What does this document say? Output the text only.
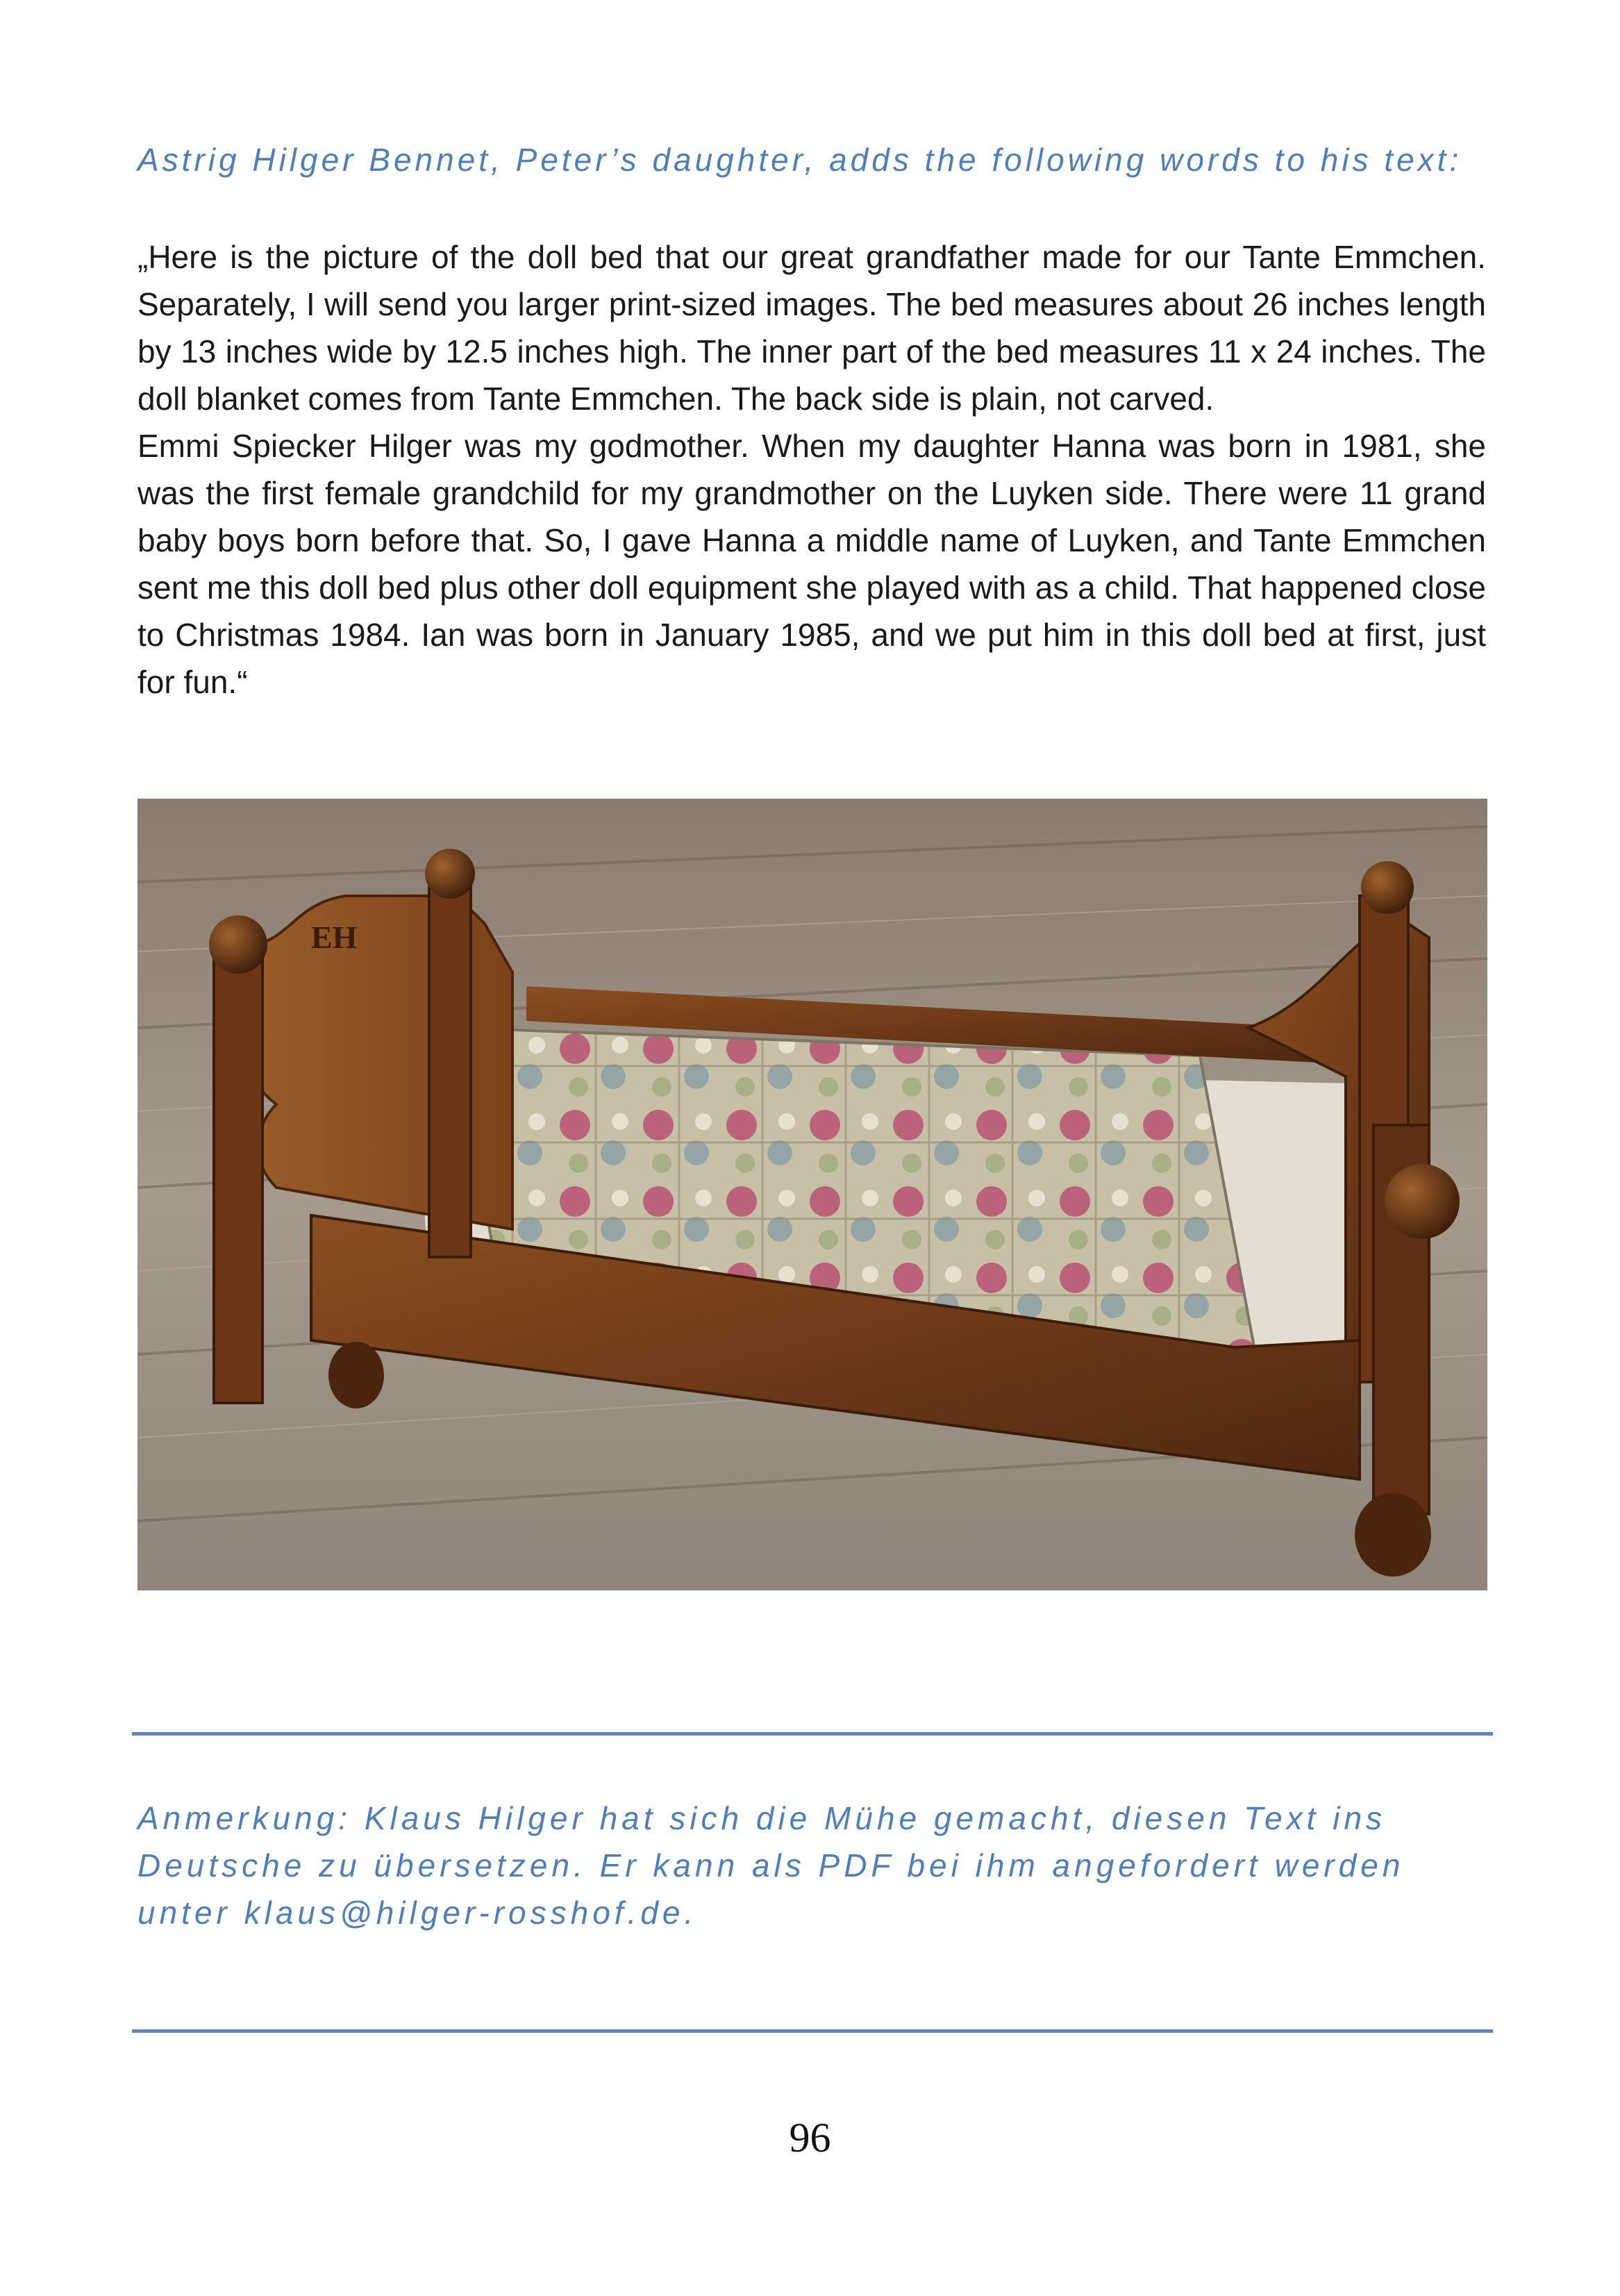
Astrig Hilger Bennet, Peter’s daughter, adds the following words to his text:

„Here is the picture of the doll bed that our great grandfather made for our Tante Emmchen. Separately, I will send you larger print-sized images. The bed measures about 26 inches length by 13 inches wide by 12.5 inches high. The inner part of the bed measures 11 x 24 inches. The doll blanket comes from Tante Emmchen. The back side is plain, not carved.

Emmi Spiecker Hilger was my godmother. When my daughter Hanna was born in 1981, she was the first female grandchild for my grandmother on the Luyken side. There were 11 grand baby boys born before that. So, I gave Hanna a middle name of Luyken, and Tante Emmchen sent me this doll bed plus other doll equipment she played with as a child. That happened close to Christmas 1984. Ian was born in January 1985, and we put him in this doll bed at first, just for fun.“

EH

Anmerkung: Klaus Hilger hat sich die Mühe gemacht, diesen Text ins Deutsche zu übersetzen. Er kann als PDF bei ihm angefordert werden unter klaus@hilger-rosshof.de.

96
